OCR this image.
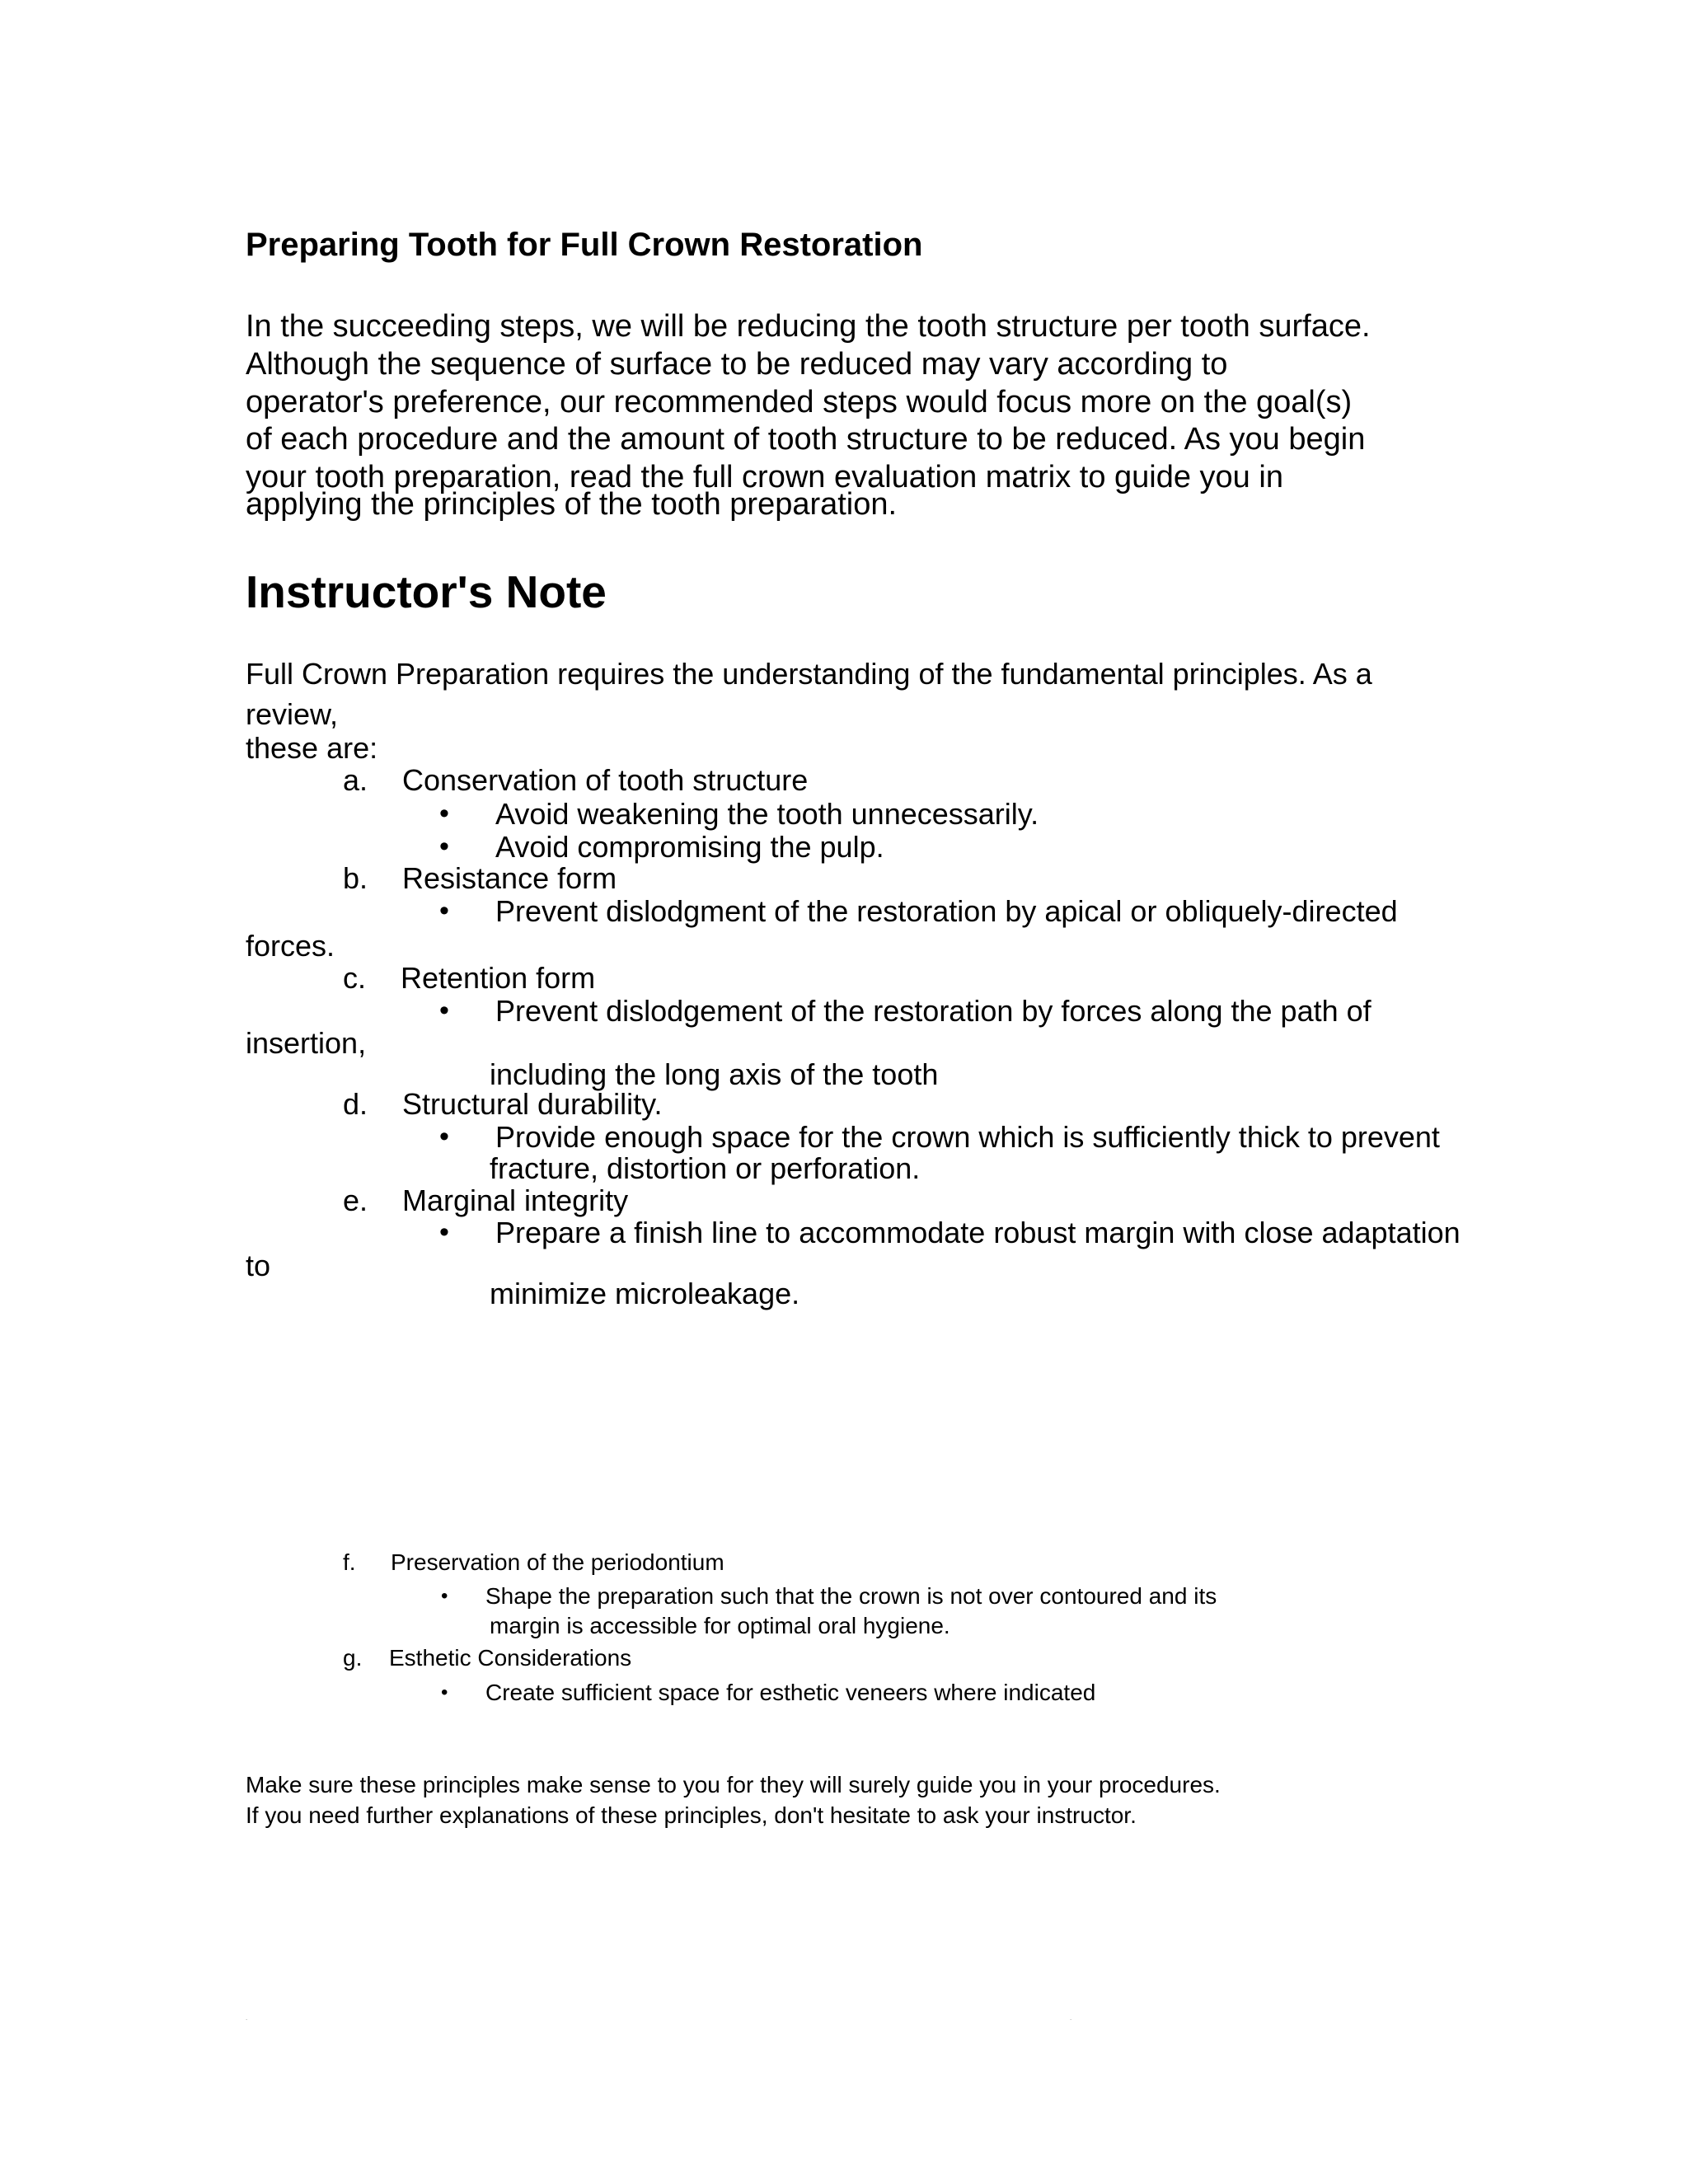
Preparing Tooth for Full Crown Restoration

In the succeeding steps, we will be reducing the tooth structure per tooth surface.

Although the sequence of surface to be reduced may vary according to

operator's preference, our recommended steps would focus more on the goal(s)

of each procedure and the amount of tooth structure to be reduced. As you begin

your tooth preparation, read the full crown evaluation matrix to guide you in

applying the principles of the tooth preparation.

Instructor's Note

Full Crown Preparation requires the understanding of the fundamental principles. As a

review,

these are:

a. Conservation of tooth structure
• Avoid weakening the tooth unnecessarily.
• Avoid compromising the pulp.
b. Resistance form
• Prevent dislodgment of the restoration by apical or obliquely-directed
forces.
c. Retention form
• Prevent dislodgement of the restoration by forces along the path of
insertion,
including the long axis of the tooth
d. Structural durability.
• Provide enough space for the crown which is sufficiently thick to prevent
fracture, distortion or perforation.
e. Marginal integrity
• Prepare a finish line to accommodate robust margin with close adaptation
to
minimize microleakage.
f. Preservation of the periodontium
• Shape the preparation such that the crown is not over contoured and its
margin is accessible for optimal oral hygiene.
g. Esthetic Considerations
• Create sufficient space for esthetic veneers where indicated

Make sure these principles make sense to you for they will surely guide you in your procedures.

If you need further explanations of these principles, don't hesitate to ask your instructor.

.	.
